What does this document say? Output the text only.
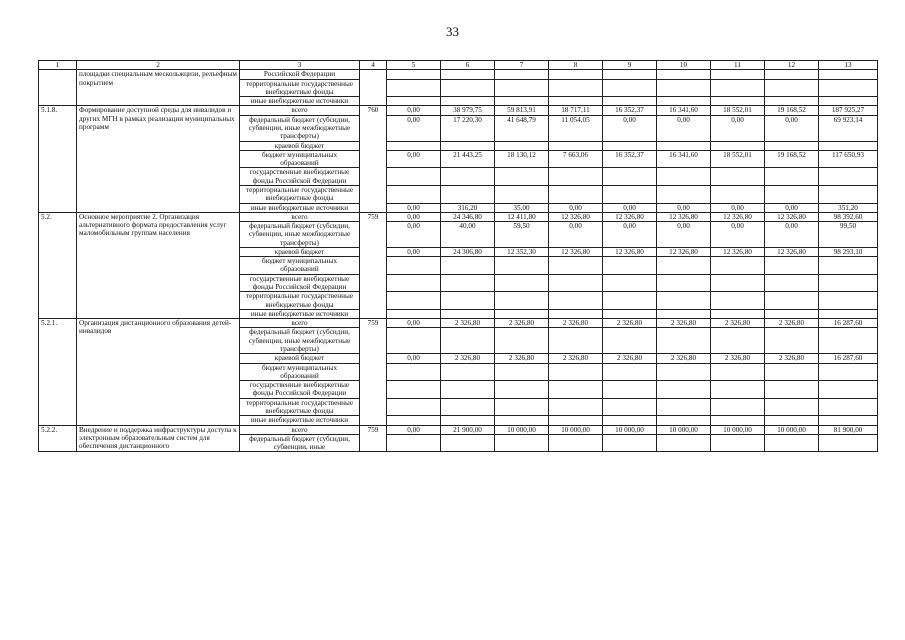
33
1	2	3	4	5	6	7	8	9	10	11	12	13
	площадки специальным мескольжцизи, рельефным покрытием	Российской Федерации										
		территориальные государственные внебюджетные фонды										
		иные внебюджетные источники										
5.1.8.	Формирование доступной среды для инвалидов и других МГН в рамках реализации муниципальных программ	всего	760	0,00	38 979,75	59 813,91	18 717,11	16 352,37	16 341,60	18 552,01	19 168,52	187 925,27
		федеральный бюджет (субсидии, субвенции, иные межбюджетные трансферты)		0,00	17 220,30	41 648,79	11 054,05	0,00	0,00	0,00	0,00	69 923,14
		краевой бюджет										
		бюджет муниципальных образований		0,00	21 443,25	18 130,12	7 663,06	16 352,37	16 341,60	18 552,01	19 168,52	117 650,93
		государственные внебюджетные фонды Российской Федерации										
		территориальные государственные внебюджетные фонды										
		иные внебюджетные источники		0,00	316,20	35,00	0,00	0,00	0,00	0,00	0,00	351,20
5.2.	Основное мероприятие 2. Организация альтернативного формата предоставления услуг маломобильным группам населения	всего	759	0,00	24 346,80	12 411,80	12 326,80	12 326,80	12 326,80	12 326,80	12 326,80	98 392,60
		федеральный бюджет (субсидии, субвенции, иные межбюджетные трансферты)		0,00	40,00	59,50	0,00	0,00	0,00	0,00	0,00	99,50
		краевой бюджет		0,00	24 306,80	12 352,30	12 326,80	12 326,80	12 326,80	12 326,80	12 326,80	98 293,10
		бюджет муниципальных образований										
		государственные внебюджетные фонды Российской Федерации										
		территориальные государственные внебюджетные фонды										
		иные внебюджетные источники										
5.2.1.	Организация дистанционного образования детей-инвалидов	всего	759	0,00	2 326,80	2 326,80	2 326,80	2 326,80	2 326,80	2 326,80	2 326,80	16 287,60
		федеральный бюджет (субсидии, субвенции, иные межбюджетные трансферты)										
		краевой бюджет		0,00	2 326,80	2 326,80	2 326,80	2 326,80	2 326,80	2 326,80	2 326,80	16 287,60
		бюджет муниципальных образований										
		государственные внебюджетные фонды Российской Федерации										
		территориальные государственные внебюджетные фонды										
		иные внебюджетные источники										
5.2.2.	Внедрение и поддержка инфраструктуры доступа к электронным образовательным систем для обеспечения дистанционного	всего	759	0,00	21 900,00	10 000,00	10 000,00	10 000,00	10 000,00	10 000,00	10 000,00	81 900,00
		федеральный бюджет (субсидии, субвенции, иные										
